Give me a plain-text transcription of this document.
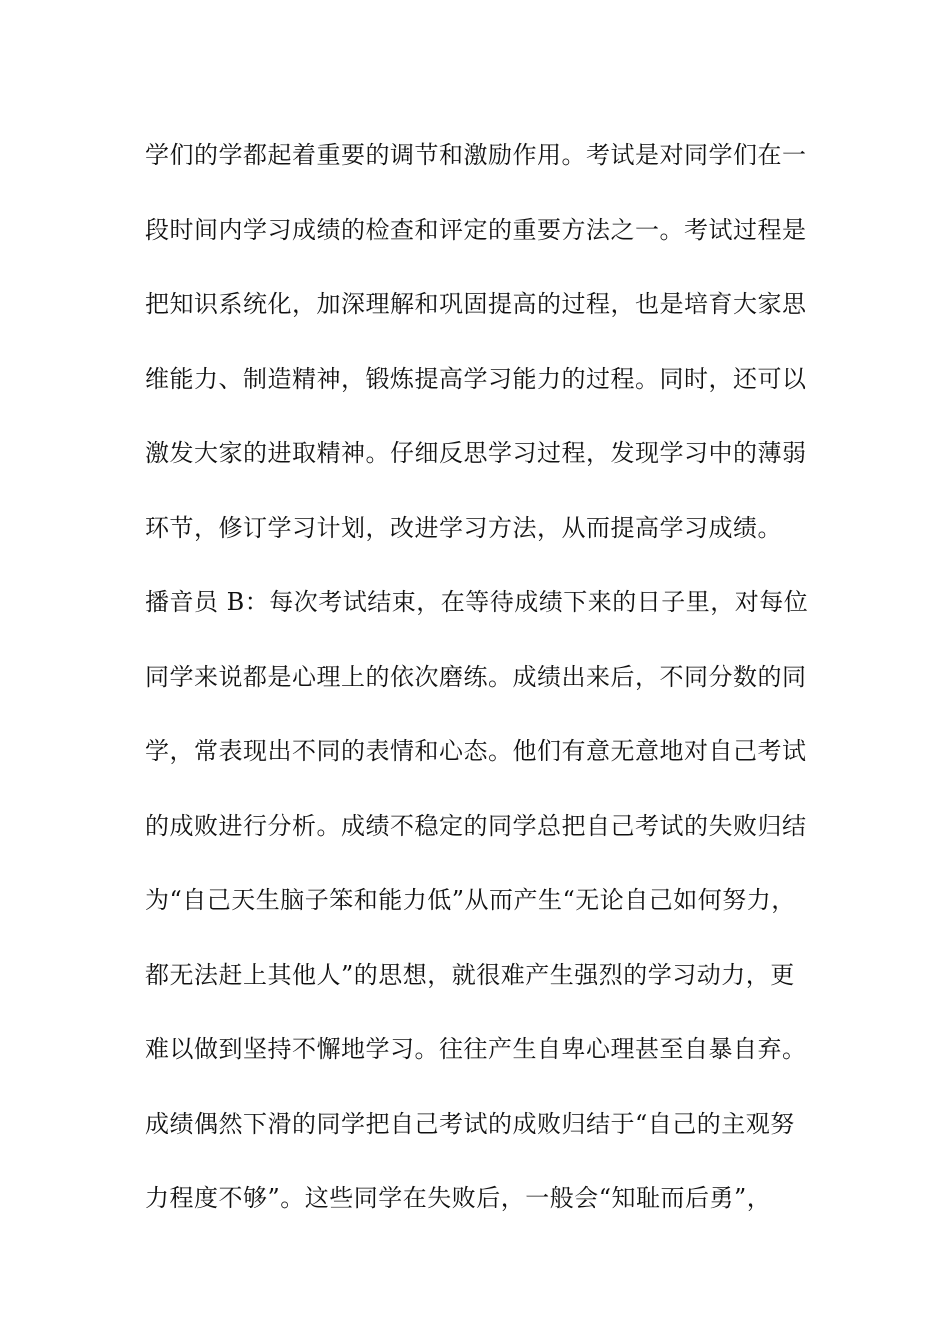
学们的学都起着重要的调节和激励作用。考试是对同学们在一
段时间内学习成绩的检查和评定的重要方法之一。考试过程是
把知识系统化，加深理解和巩固提高的过程，也是培育大家思
维能力、制造精神，锻炼提高学习能力的过程。同时，还可以
激发大家的进取精神。仔细反思学习过程，发现学习中的薄弱
环节，修订学习计划，改进学习方法，从而提高学习成绩。
播音员 B：每次考试结束，在等待成绩下来的日子里，对每位
同学来说都是心理上的依次磨练。成绩出来后，不同分数的同
学，常表现出不同的表情和心态。他们有意无意地对自己考试
的成败进行分析。成绩不稳定的同学总把自己考试的失败归结
为“自己天生脑子笨和能力低”从而产生“无论自己如何努力，
都无法赶上其他人”的思想，就很难产生强烈的学习动力，更
难以做到坚持不懈地学习。往往产生自卑心理甚至自暴自弃。
成绩偶然下滑的同学把自己考试的成败归结于“自己的主观努
力程度不够”。这些同学在失败后，一般会“知耻而后勇”，
